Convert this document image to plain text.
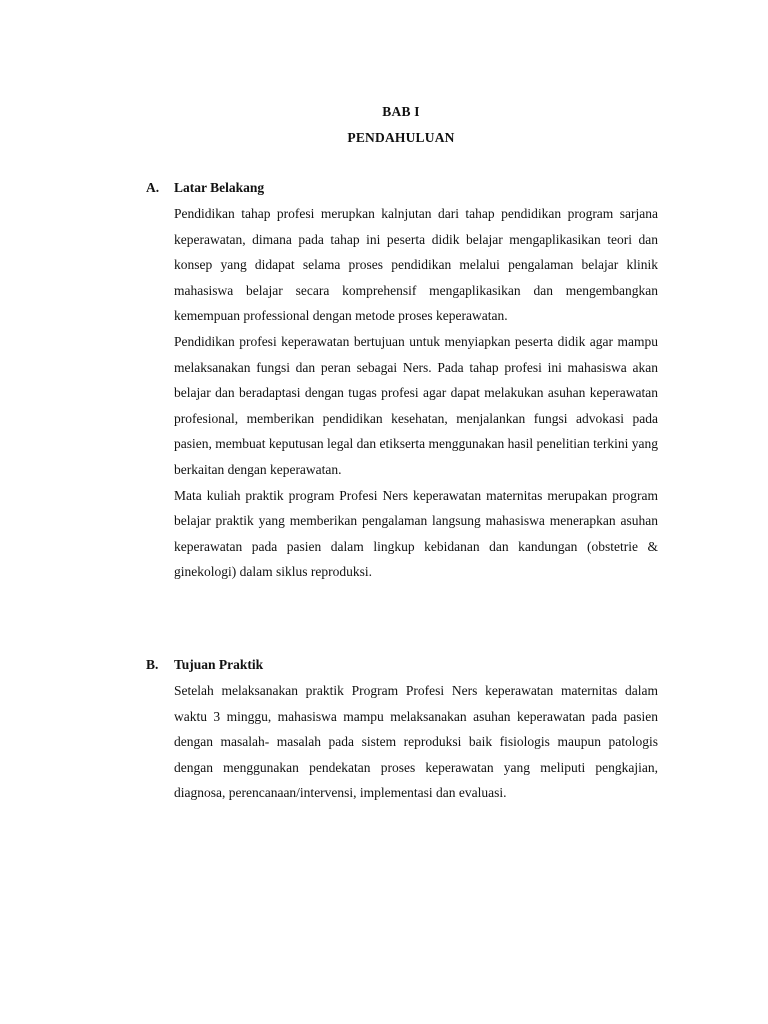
BAB I
PENDAHULUAN
A.	Latar Belakang

Pendidikan tahap profesi merupkan kalnjutan dari tahap pendidikan program sarjana keperawatan, dimana pada tahap ini peserta didik belajar mengaplikasikan teori dan konsep yang didapat selama proses pendidikan melalui pengalaman belajar klinik mahasiswa belajar secara komprehensif mengaplikasikan dan mengembangkan kemempuan professional dengan metode proses keperawatan.

Pendidikan profesi keperawatan bertujuan untuk menyiapkan peserta didik agar mampu melaksanakan fungsi dan peran sebagai Ners. Pada tahap profesi ini mahasiswa akan belajar dan beradaptasi dengan tugas profesi agar dapat melakukan asuhan keperawatan profesional, memberikan pendidikan kesehatan, menjalankan fungsi advokasi pada pasien, membuat keputusan legal dan etikserta menggunakan hasil penelitian terkini yang berkaitan dengan keperawatan.

Mata kuliah praktik program Profesi Ners keperawatan maternitas merupakan program belajar praktik yang memberikan pengalaman langsung mahasiswa menerapkan asuhan keperawatan pada pasien dalam lingkup kebidanan dan kandungan (obstetrie & ginekologi) dalam siklus reproduksi.

B.	Tujuan Praktik

Setelah melaksanakan praktik Program Profesi Ners keperawatan maternitas dalam waktu 3 minggu, mahasiswa mampu melaksanakan asuhan keperawatan pada pasien dengan masalah- masalah pada sistem reproduksi baik fisiologis maupun patologis dengan menggunakan pendekatan proses keperawatan yang meliputi pengkajian, diagnosa, perencanaan/intervensi, implementasi dan evaluasi.
